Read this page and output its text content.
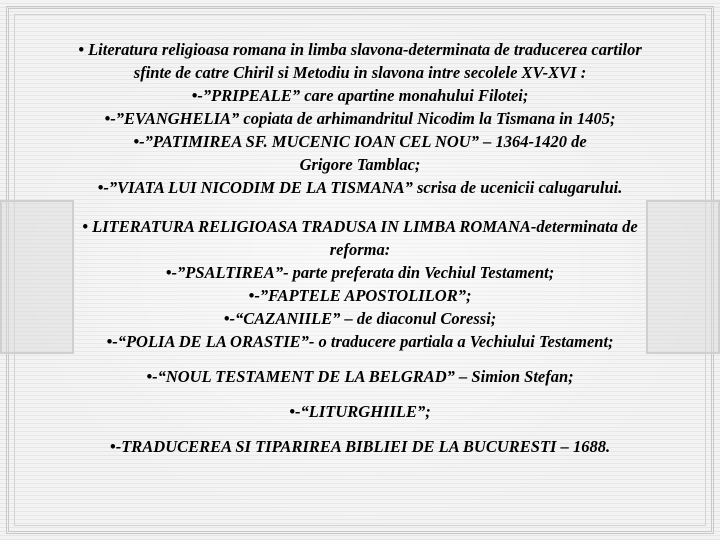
• Literatura religioasa romana in limba slavona-determinata de traducerea cartilor

sfinte de catre Chiril si Metodiu in slavona intre secolele XV-XVI :

•-”PRIPEALE” care apartine monahului Filotei;

•-”EVANGHELIA” copiata de arhimandritul Nicodim la Tismana in 1405;

•-”PATIMIREA SF. MUCENIC IOAN CEL NOU” – 1364-1420 de

Grigore Tamblac;

•-”VIATA LUI NICODIM DE LA TISMANA” scrisa de ucenicii calugarului.

• LITERATURA RELIGIOASA TRADUSA IN LIMBA ROMANA-determinata de

reforma:

•-”PSALTIREA”- parte preferata din Vechiul Testament;

•-”FAPTELE APOSTOLILOR”;

•-“CAZANIILE” – de diaconul Coressi;

•-“POLIA DE LA ORASTIE”- o traducere partiala a Vechiului Testament;

•-“NOUL TESTAMENT DE LA BELGRAD” – Simion Stefan;

•-“LITURGHIILE”;

•-TRADUCEREA SI TIPARIREA BIBLIEI DE LA BUCURESTI – 1688.
